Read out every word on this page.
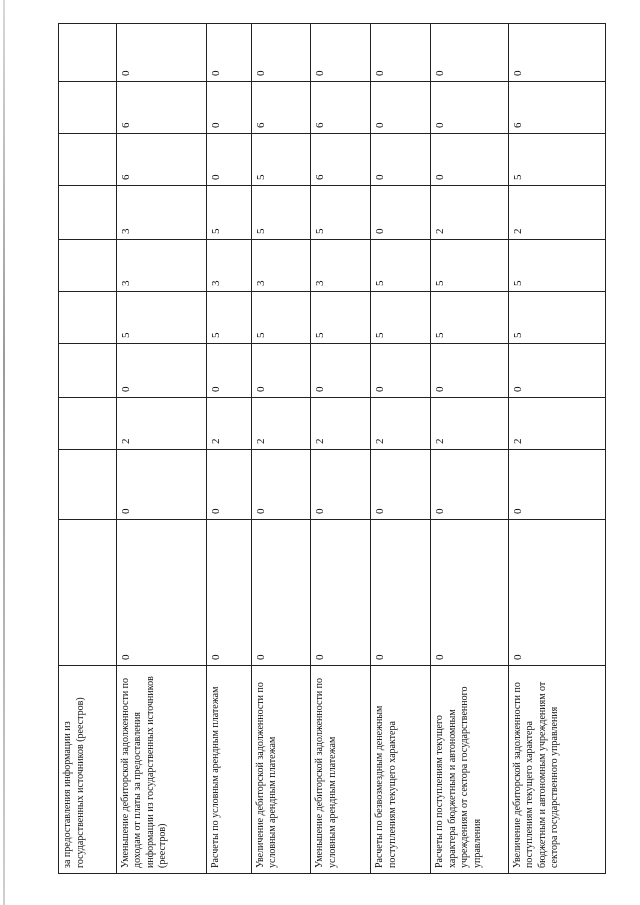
за предоставления информации из государственных источников (реестров)										
Уменьшение дебиторской задолженности по доходам от платы за предоставления информации из государственных источников (реестров)	0	0	2	0	5	3	3	6	6	0
Расчеты по условным арендным платежам	0	0	2	0	5	3	5	0	0	0
Увеличение дебиторской задолженности по условным арендным платежам	0	0	2	0	5	3	5	5	6	0
Уменьшение дебиторской задолженности по условным арендным платежам	0	0	2	0	5	3	5	6	6	0
Расчеты по безвозмездным денежным поступлениям текущего характера	0	0	2	0	5	5	0	0	0	0
Расчеты по поступлениям текущего характера бюджетным и автономным учреждениям от сектора государственного управления	0	0	2	0	5	5	2	0	0	0
Увеличение дебиторской задолженности по поступлениям текущего характера бюджетным и автономным учреждениям от сектора государственного управления	0	0	2	0	5	5	2	5	6	0
